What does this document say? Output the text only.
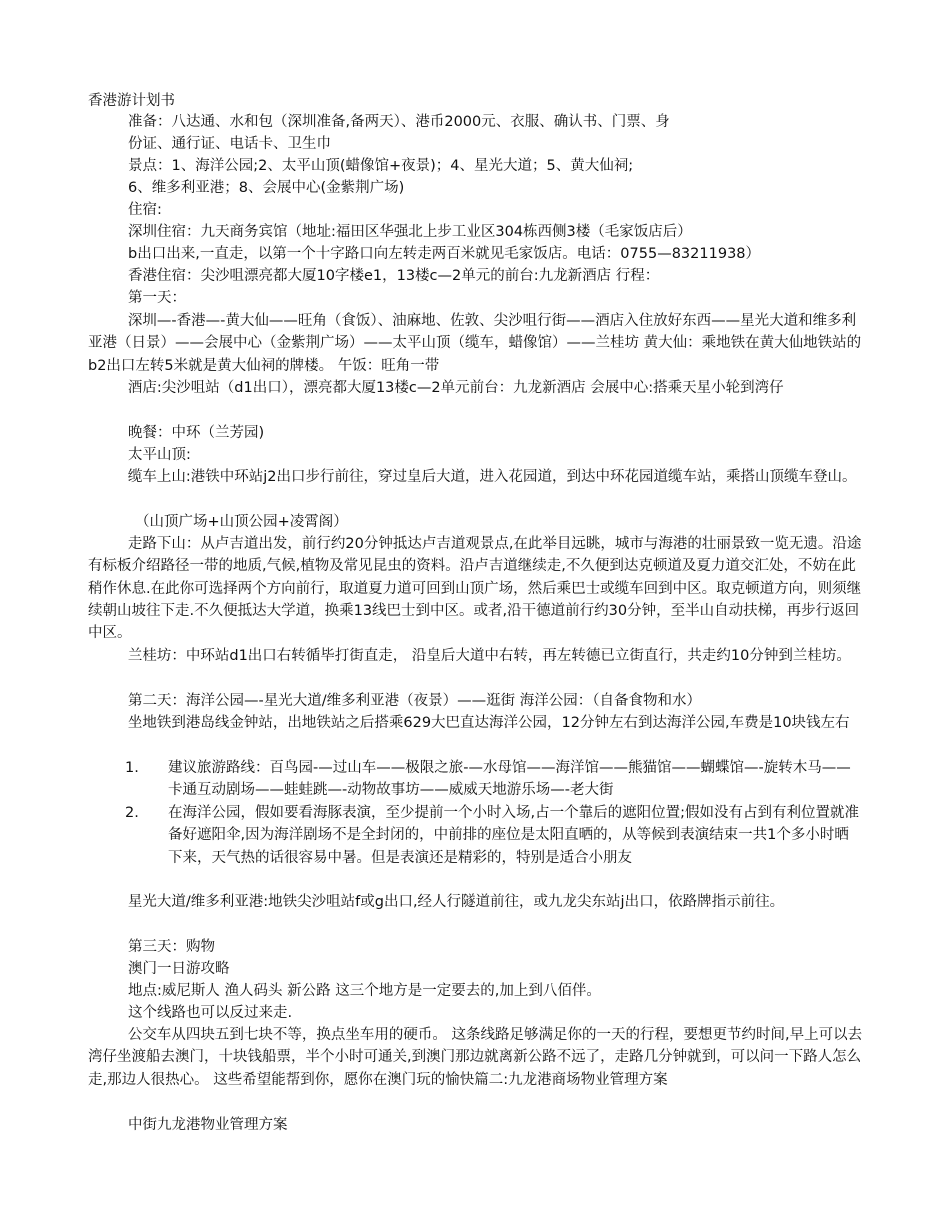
香港游计划书
准备：八达通、水和包（深圳准备,备两天）、港币2000元、衣服、确认书、门票、身
份证、通行证、电话卡、卫生巾
景点：1、海洋公园;2、太平山顶(蜡像馆+夜景)；4、星光大道；5、黄大仙祠;
6、维多利亚港；8、会展中心(金紫荆广场)
住宿:
深圳住宿：九天商务宾馆（地址:福田区华强北上步工业区304栋西侧3楼（毛家饭店后）
b出口出来,一直走，以第一个十字路口向左转走两百米就见毛家饭店。电话：0755—83211938）
香港住宿：尖沙咀漂亮都大厦10字楼e1，13楼c—2单元的前台:九龙新酒店 行程：
第一天：
深圳—-香港—-黄大仙——旺角（食饭）、油麻地、佐敦、尖沙咀行街——酒店入住放好东西——星光大道和维多利亚港（日景）——会展中心（金紫荆广场）——太平山顶（缆车，蜡像馆）——兰桂坊 黄大仙：乘地铁在黄大仙地铁站的b2出口左转5米就是黄大仙祠的牌楼。 午饭：旺角一带
酒店:尖沙咀站（d1出口），漂亮都大厦13楼c—2单元前台：九龙新酒店 会展中心:搭乘天星小轮到湾仔
晚餐：中环（兰芳园)
太平山顶:
缆车上山:港铁中环站j2出口步行前往，穿过皇后大道，进入花园道，到达中环花园道缆车站，乘搭山顶缆车登山。
（山顶广场+山顶公园+凌霄阁）
走路下山：从卢吉道出发，前行约20分钟抵达卢吉道观景点,在此举目远眺，城市与海港的壮丽景致一览无遗。沿途有标板介绍路径一带的地质,气候,植物及常见昆虫的资料。沿卢吉道继续走,不久便到达克顿道及夏力道交汇处，不妨在此稍作休息.在此你可选择两个方向前行，取道夏力道可回到山顶广场，然后乘巴士或缆车回到中区。取克顿道方向，则须继续朝山坡往下走.不久便抵达大学道，换乘13线巴士到中区。或者,沿干德道前行约30分钟，至半山自动扶梯，再步行返回中区。
兰桂坊：中环站d1出口右转循毕打街直走， 沿皇后大道中右转，再左转德已立街直行，共走约10分钟到兰桂坊。
第二天：海洋公园—-星光大道/维多利亚港（夜景）——逛街 海洋公园：（自备食物和水）
坐地铁到港岛线金钟站，出地铁站之后搭乘629大巴直达海洋公园，12分钟左右到达海洋公园,车费是10块钱左右
1.	建议旅游路线：百鸟园-—过山车——极限之旅-—水母馆——海洋馆——熊猫馆——蝴蝶馆—-旋转木马——卡通互动剧场——蛙蛙跳—-动物故事坊——威威天地游乐场—-老大街
2.	在海洋公园，假如要看海豚表演，至少提前一个小时入场,占一个靠后的遮阳位置;假如没有占到有利位置就准备好遮阳伞,因为海洋剧场不是全封闭的，中前排的座位是太阳直晒的，从等候到表演结束一共1个多小时晒下来，天气热的话很容易中暑。但是表演还是精彩的，特别是适合小朋友
星光大道/维多利亚港:地铁尖沙咀站f或g出口,经人行隧道前往，或九龙尖东站j出口，依路牌指示前往。
第三天：购物
澳门一日游攻略
地点:威尼斯人 渔人码头 新公路 这三个地方是一定要去的,加上到八佰伴。
这个线路也可以反过来走.
公交车从四块五到七块不等，换点坐车用的硬币。 这条线路足够满足你的一天的行程，要想更节约时间,早上可以去湾仔坐渡船去澳门，十块钱船票，半个小时可通关,到澳门那边就离新公路不远了，走路几分钟就到，可以问一下路人怎么走,那边人很热心。 这些希望能帮到你，愿你在澳门玩的愉快篇二:九龙港商场物业管理方案
中街九龙港物业管理方案
